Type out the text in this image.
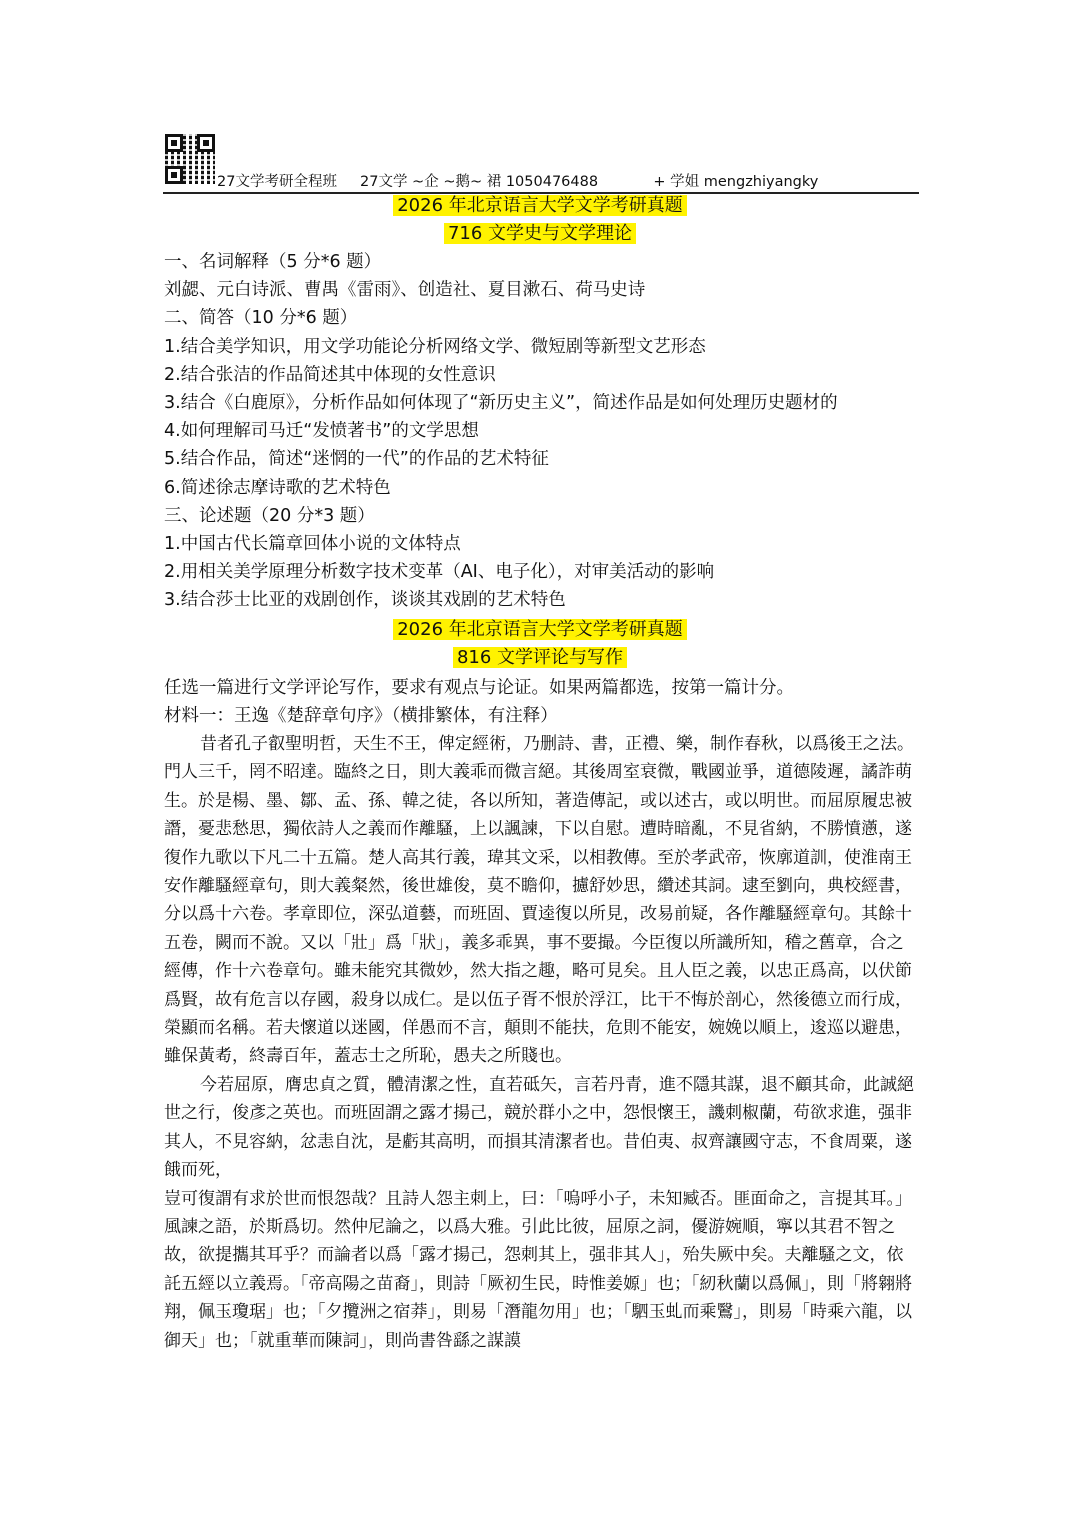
27文学考研全程班     27文学 ~企 ~鹅~ 裙 1050476488            + 学姐 mengzhiyangky
2026 年北京语言大学文学考研真题
716 文学史与文学理论
一、名词解释（5 分*6 题）
刘勰、元白诗派、曹禺《雷雨》、创造社、夏目漱石、荷马史诗
二、简答（10 分*6 题）
1.结合美学知识，用文学功能论分析网络文学、微短剧等新型文艺形态
2.结合张洁的作品简述其中体现的女性意识
3.结合《白鹿原》，分析作品如何体现了“新历史主义”，简述作品是如何处理历史题材的
4.如何理解司马迁“发愤著书”的文学思想
5.结合作品，简述“迷惘的一代”的作品的艺术特征
6.简述徐志摩诗歌的艺术特色
三、论述题（20 分*3 题）
1.中国古代长篇章回体小说的文体特点
2.用相关美学原理分析数字技术变革（AI、电子化），对审美活动的影响
3.结合莎士比亚的戏剧创作，谈谈其戏剧的艺术特色
2026 年北京语言大学文学考研真题
816 文学评论与写作
任选一篇进行文学评论写作，要求有观点与论证。如果两篇都选，按第一篇计分。
材料一：王逸《楚辞章句序》（横排繁体，有注释）

昔者孔子叡聖明哲，天生不王，俾定經術，乃删詩、書，正禮、樂，制作春秋，以爲後王之法。門人三千，罔不昭達。臨終之日，則大義乖而微言絕。其後周室衰微，戰國並爭，道德陵遲，譎詐萌生。於是楊、墨、鄒、孟、孫、韓之徒，各以所知，著造傳記，或以述古，或以明世。而屈原履忠被譖，憂悲愁思，獨依詩人之義而作離騷，上以諷諫，下以自慰。遭時暗亂，不見省納，不勝憤懣，遂復作九歌以下凡二十五篇。楚人高其行義，瑋其文采，以相教傳。至於孝武帝，恢廓道訓，使淮南王安作離騷經章句，則大義粲然，後世雄俊，莫不瞻仰，攄舒妙思，纘述其詞。逮至劉向，典校經書，分以爲十六卷。孝章即位，深弘道藝，而班固、賈逵復以所見，改易前疑，各作離騷經章句。其餘十五卷，闕而不說。又以「壯」爲「狀」，義多乖異，事不要撮。今臣復以所識所知，稽之舊章，合之經傳，作十六卷章句。雖未能究其微妙，然大指之趣，略可見矣。且人臣之義，以忠正爲高，以伏節爲賢，故有危言以存國，殺身以成仁。是以伍子胥不恨於浮江，比干不悔於剖心，然後德立而行成，榮顯而名稱。若夫懷道以迷國，佯愚而不言，顛則不能扶，危則不能安，婉娩以順上，逡巡以避患，雖保黃耇，終壽百年，蓋志士之所恥，愚夫之所賤也。

今若屈原，膺忠貞之質，體清潔之性，直若砥矢，言若丹青，進不隱其謀，退不顧其命，此誠絕世之行，俊彥之英也。而班固謂之露才揚己，競於群小之中，怨恨懷王，譏刺椒蘭，苟欲求進，强非其人，不見容納，忿恚自沈，是虧其高明，而損其清潔者也。昔伯夷、叔齊讓國守志，不食周粟，遂餓而死，

豈可復謂有求於世而恨怨哉？且詩人怨主刺上，曰：「嗚呼小子，未知臧否。匪面命之，言提其耳。」風諫之語，於斯爲切。然仲尼論之，以爲大雅。引此比彼，屈原之詞，優游婉順，寧以其君不智之故，欲提攜其耳乎？而論者以爲「露才揚己，怨刺其上，强非其人」，殆失厥中矣。夫離騷之文，依託五經以立義焉。「帝高陽之苗裔」，則詩「厥初生民，時惟姜嫄」也；「紉秋蘭以爲佩」，則「將翱將翔，佩玉瓊琚」也；「夕攬洲之宿莽」，則易「潛龍勿用」也；「駟玉虬而乘鷖」，則易「時乘六龍，以御天」也；「就重華而陳詞」，則尚書咎繇之謀謨
